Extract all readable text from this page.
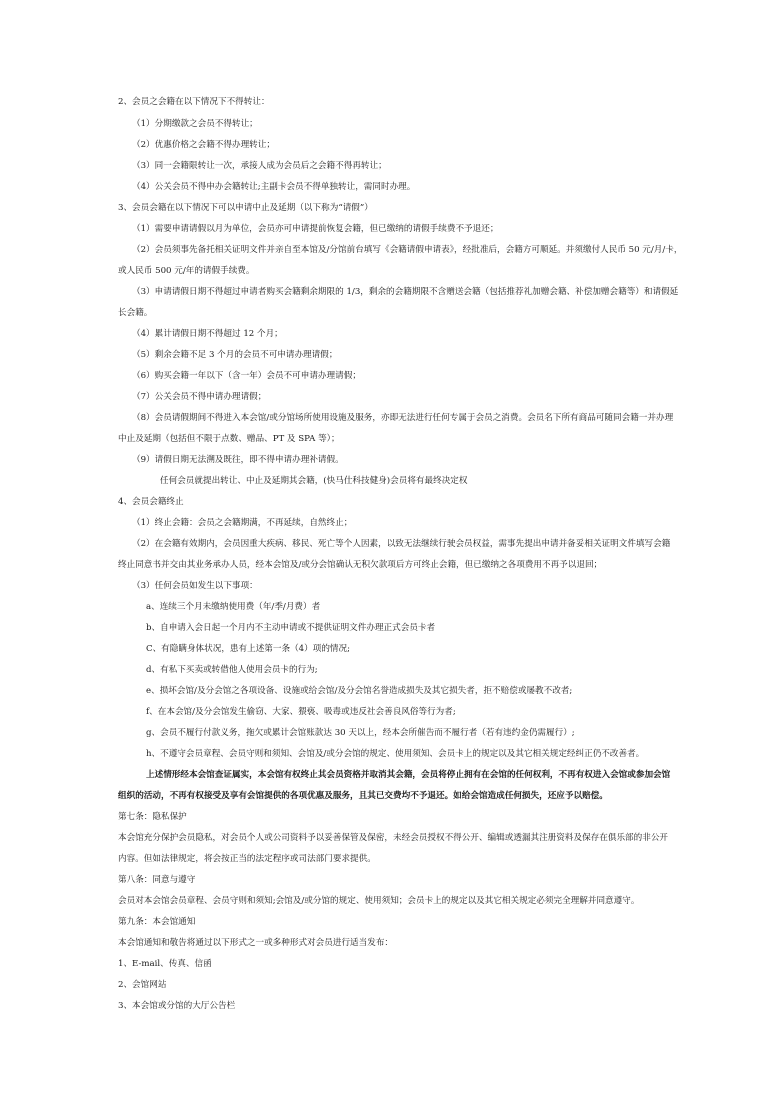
2、会员之会籍在以下情况下不得转让：
（1）分期缴款之会员不得转让；
（2）优惠价格之会籍不得办理转让；
（3）同一会籍限转让一次，承接人成为会员后之会籍不得再转让；
（4）公关会员不得申办会籍转让;主副卡会员不得单独转让，需同时办理。
3、会员会籍在以下情况下可以申请中止及延期（以下称为“请假”）
（1）需要申请请假以月为单位，会员亦可申请提前恢复会籍，但已缴纳的请假手续费不予退还；
（2）会员须事先备托相关证明文件并亲自至本馆及/分馆前台填写《会籍请假申请表》，经批准后，会籍方可顺延。并须缴付人民币 50 元/月/卡，
或人民币 500 元/年的请假手续费。
（3）申请请假日期不得超过申请者购买会籍剩余期限的 1/3，剩余的会籍期限不含赠送会籍（包括推荐礼加赠会籍、补偿加赠会籍等）和请假延
长会籍。
（4）累计请假日期不得超过 12 个月；
（5）剩余会籍不足 3 个月的会员不可申请办理请假；
（6）购买会籍一年以下（含一年）会员不可申请办理请假；
（7）公关会员不得申请办理请假；
（8）会员请假期间不得进入本会馆/或分馆场所使用设施及服务，亦即无法进行任何专属于会员之消费。会员名下所有商品可随同会籍一并办理
中止及延期（包括但不限于点数、赠品、PT 及 SPA 等）；
（9）请假日期无法溯及既往，即不得申请办理补请假。
任何会员就提出转让、中止及延期其会籍，(快马仕科技健身)会员将有最终决定权
4、会员会籍终止
（1）终止会籍：会员之会籍期满，不再延续，自然终止；
（2）在会籍有效期内，会员因重大疾病、移民、死亡等个人因素，以致无法继续行驶会员权益，需事先提出申请并备妥相关证明文件填写会籍
终止同意书并交由其业务承办人员，经本会馆及/或分会馆确认无积欠款项后方可终止会籍，但已缴纳之各项费用不再予以退回；
（3）任何会员如发生以下事项：
a、连续三个月未缴纳使用费（年/季/月费）者
b、自申请入会日起一个月内不主动申请或不提供证明文件办理正式会员卡者
C、有隐瞒身体状况，患有上述第一条（4）项的情况;
d、有私下买卖或转借他人使用会员卡的行为;
e、损坏会馆/及分会馆之各项设备、设施或给会馆/及分会馆名誉造成损失及其它损失者，拒不赔偿或屡教不改者;
f、在本会馆/及分会馆发生偷窃、大家、猥亵、吸毒或违反社会善良风俗等行为者;
g、会员不履行付款义务，拖欠或累计会馆账款达 30 天以上，经本会所催告而不履行者（若有违约金仍需履行）;
h、不遵守会员章程、会员守则和须知、会馆及/或分会馆的规定、使用须知、会员卡上的规定以及其它相关规定经纠正仍不改善者。
上述情形经本会馆查证属实，本会馆有权终止其会员资格并取消其会籍，会员将停止拥有在会馆的任何权利，不再有权进入会馆或参加会馆
组织的活动，不再有权接受及享有会馆提供的各项优惠及服务，且其已交费均不予退还。如给会馆造成任何损失，还应予以赔偿。
第七条：隐私保护
本会馆充分保护会员隐私，对会员个人或公司资料予以妥善保管及保密，未经会员授权不得公开、编辑或透漏其注册资料及保存在俱乐部的非公开
内容。但如法律规定，将会按正当的法定程序或司法部门要求提供。
第八条：同意与遵守
会员对本会馆会员章程、会员守则和须知;会馆及/或分馆的规定、使用须知；会员卡上的规定以及其它相关规定必须完全理解并同意遵守。
第九条：本会馆通知
本会馆通知和敬告将通过以下形式之一或多种形式对会员进行适当发布：
1、E-mail、传真、信函
2、会馆网站
3、本会馆或分馆的大厅公告栏
